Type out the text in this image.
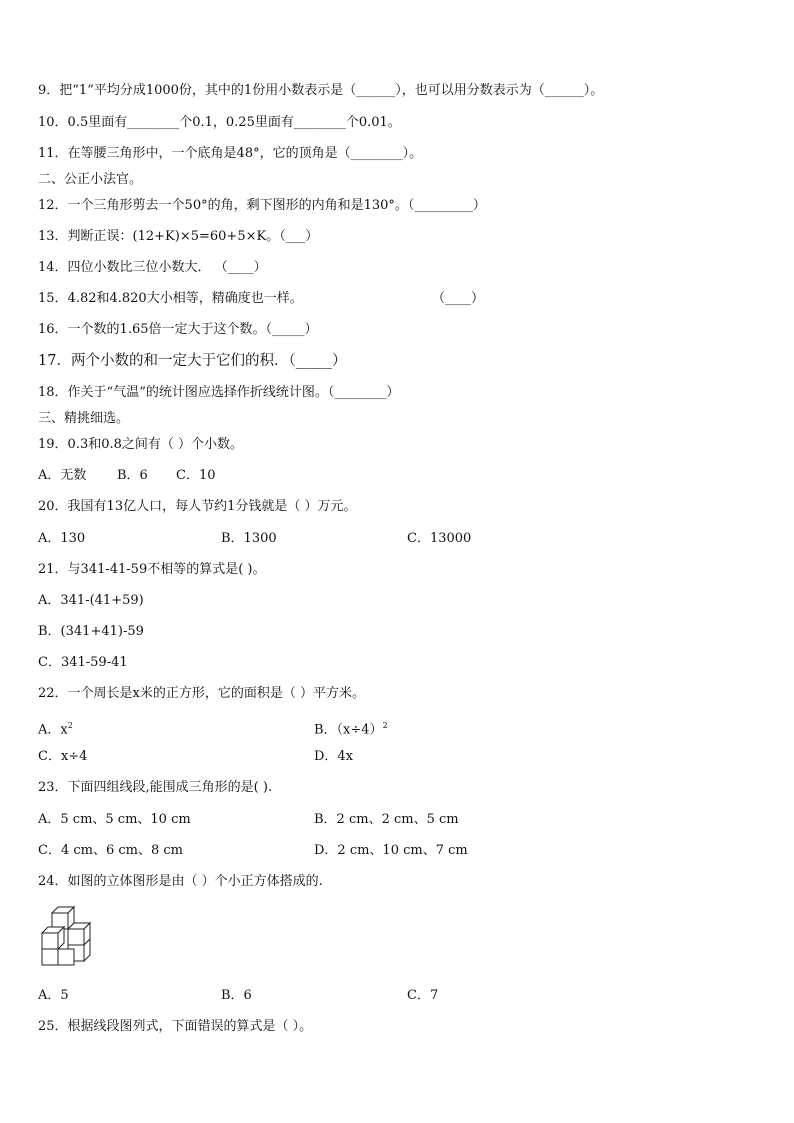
9．把“1”平均分成1000份，其中的1份用小数表示是（______），也可以用分数表示为（______）。
10．0.5里面有________个0.1，0.25里面有________个0.01。
11．在等腰三角形中，一个底角是48°，它的顶角是（________）。
二、公正小法官。
12．一个三角形剪去一个50°的角，剩下图形的内角和是130°。（_________）
13．判断正误：(12+K)×5=60+5×K。（___）
14．四位小数比三位小数大． （____）
15．4.82和4.820大小相等，精确度也一样。	（____）
16．一个数的1.65倍一定大于这个数。（_____）
17．两个小数的和一定大于它们的积．（_____）
18．作关于“气温”的统计图应选择作折线统计图。（________）
三、精挑细选。
19．0.3和0.8之间有（ ）个小数。
A．无数 B．6 C．10
20．我国有13亿人口，每人节约1分钱就是（ ）万元。
A．130	B．1300	C．13000
21．与341-41-59不相等的算式是( )。
A．341-(41+59)
B．(341+41)-59
C．341-59-41
22．一个周长是x米的正方形，它的面积是（ ）平方米。
A．$x^2$	B．$(x\div 4)^2$
C．x÷4	D．4x
23．下面四组线段,能围成三角形的是( ).
A．5 cm、5 cm、10 cm	B．2 cm、2 cm、5 cm
C．4 cm、6 cm、8 cm	D．2 cm、10 cm、7 cm
24．如图的立体图形是由（ ）个小正方体搭成的.
A．5	B．6	C．7
25．根据线段图列式，下面错误的算式是（ ）。
